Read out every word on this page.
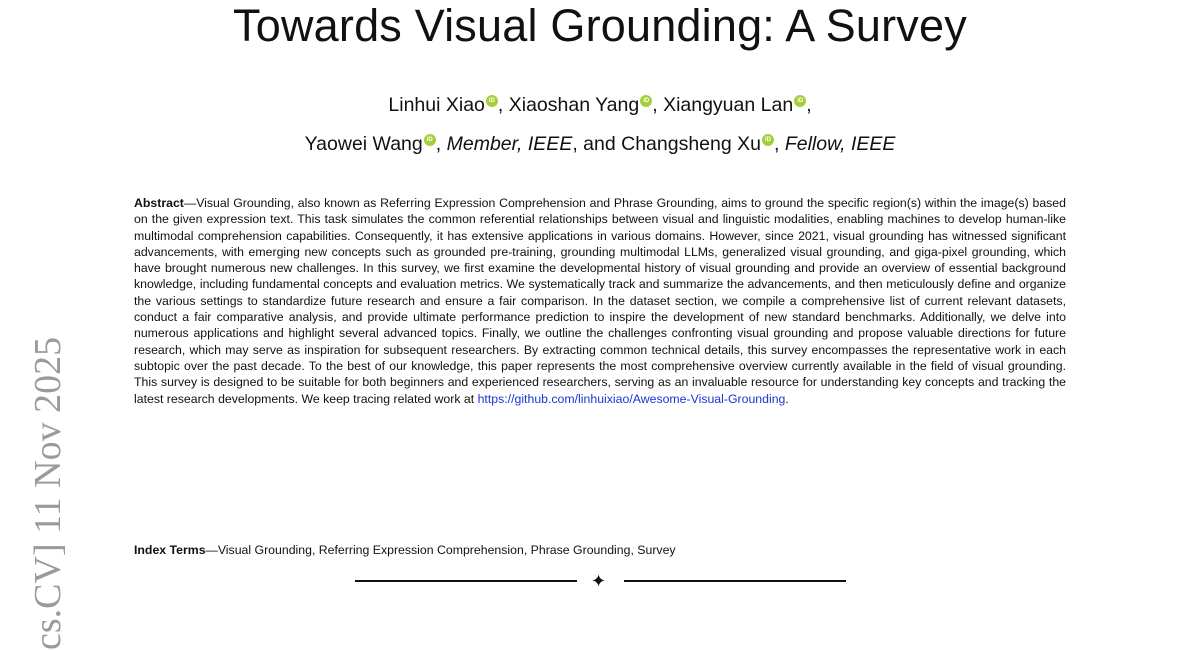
Towards Visual Grounding: A Survey
Linhui Xiao iD , Xiaoshan Yang iD , Xiangyuan Lan iD ,
Yaowei Wang iD , Member, IEEE, and Changsheng Xu iD , Fellow, IEEE
Abstract—Visual Grounding, also known as Referring Expression Comprehension and Phrase Grounding, aims to ground the specific region(s) within the image(s) based on the given expression text. This task simulates the common referential relationships between visual and linguistic modalities, enabling machines to develop human-like multimodal comprehension capabilities. Consequently, it has extensive applications in various domains. However, since 2021, visual grounding has witnessed significant advancements, with emerging new concepts such as grounded pre-training, grounding multimodal LLMs, generalized visual grounding, and giga-pixel grounding, which have brought numerous new challenges. In this survey, we first examine the developmental history of visual grounding and provide an overview of essential background knowledge, including fundamental concepts and evaluation metrics. We systematically track and summarize the advancements, and then meticulously define and organize the various settings to standardize future research and ensure a fair comparison. In the dataset section, we compile a comprehensive list of current relevant datasets, conduct a fair comparative analysis, and provide ultimate performance prediction to inspire the development of new standard benchmarks. Additionally, we delve into numerous applications and highlight several advanced topics. Finally, we outline the challenges confronting visual grounding and propose valuable directions for future research, which may serve as inspiration for subsequent researchers. By extracting common technical details, this survey encompasses the representative work in each subtopic over the past decade. To the best of our knowledge, this paper represents the most comprehensive overview currently available in the field of visual grounding. This survey is designed to be suitable for both beginners and experienced researchers, serving as an invaluable resource for understanding key concepts and tracking the latest research developments. We keep tracing related work at https://github.com/linhuixiao/Awesome-Visual-Grounding.
Index Terms—Visual Grounding, Referring Expression Comprehension, Phrase Grounding, Survey
✦
cs.CV] 11 Nov 2025
